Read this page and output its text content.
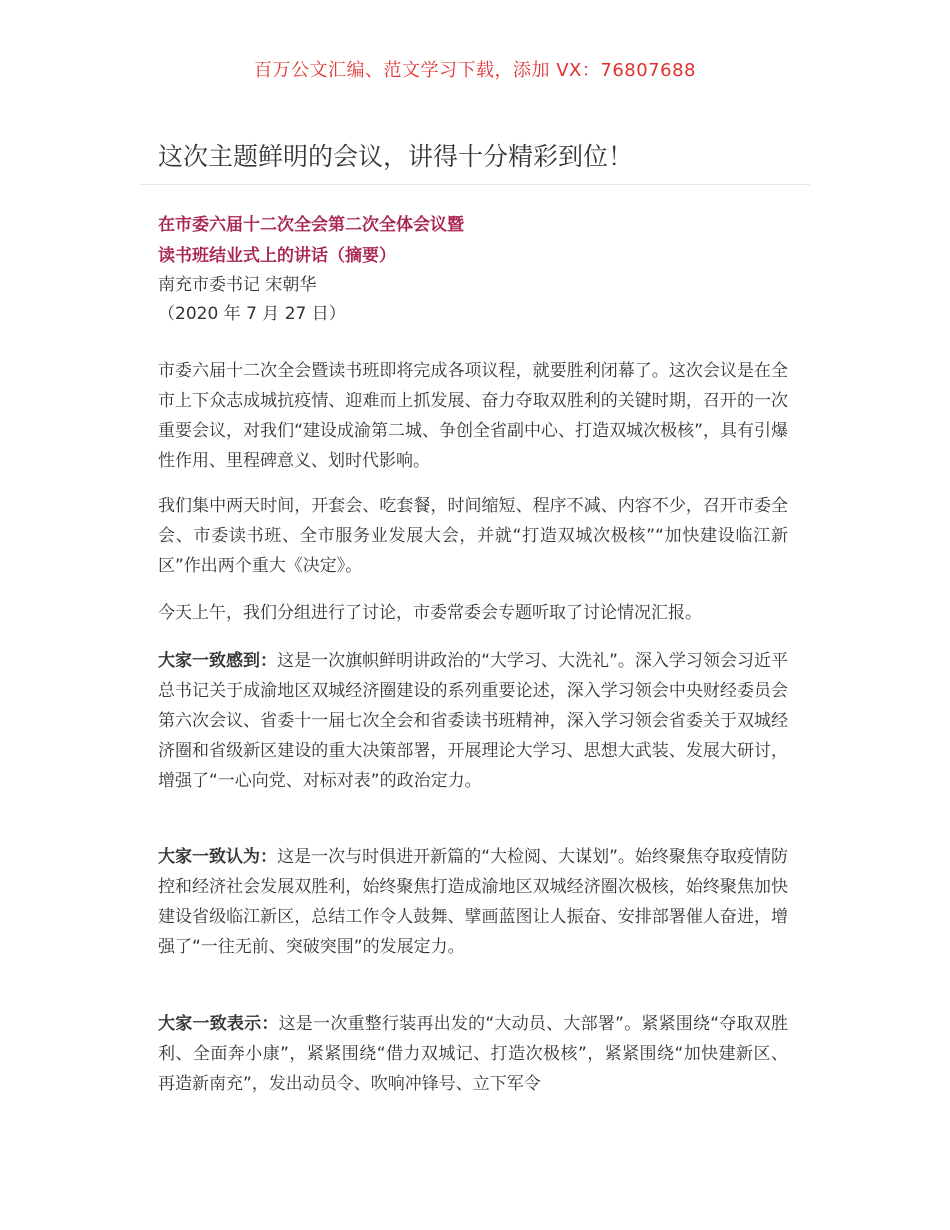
百万公文汇编、范文学习下载，添加 VX：76807688
这次主题鲜明的会议，讲得十分精彩到位！
在市委六届十二次全会第二次全体会议暨
读书班结业式上的讲话（摘要）
南充市委书记 宋朝华
（2020 年 7 月 27 日）

市委六届十二次全会暨读书班即将完成各项议程，就要胜利闭幕了。这次会议是在全市上下众志成城抗疫情、迎难而上抓发展、奋力夺取双胜利的关键时期，召开的一次重要会议，对我们“建设成渝第二城、争创全省副中心、打造双城次极核”，具有引爆性作用、里程碑意义、划时代影响。

我们集中两天时间，开套会、吃套餐，时间缩短、程序不减、内容不少，召开市委全会、市委读书班、全市服务业发展大会，并就“打造双城次极核”“加快建设临江新区”作出两个重大《决定》。

今天上午，我们分组进行了讨论，市委常委会专题听取了讨论情况汇报。

大家一致感到：这是一次旗帜鲜明讲政治的“大学习、大洗礼”。深入学习领会习近平总书记关于成渝地区双城经济圈建设的系列重要论述，深入学习领会中央财经委员会第六次会议、省委十一届七次全会和省委读书班精神，深入学习领会省委关于双城经济圈和省级新区建设的重大决策部署，开展理论大学习、思想大武装、发展大研讨，增强了“一心向党、对标对表”的政治定力。

大家一致认为：这是一次与时俱进开新篇的“大检阅、大谋划”。始终聚焦夺取疫情防控和经济社会发展双胜利，始终聚焦打造成渝地区双城经济圈次极核，始终聚焦加快建设省级临江新区，总结工作令人鼓舞、擘画蓝图让人振奋、安排部署催人奋进，增强了“一往无前、突破突围”的发展定力。

大家一致表示：这是一次重整行装再出发的“大动员、大部署”。紧紧围绕“夺取双胜利、全面奔小康”，紧紧围绕“借力双城记、打造次极核”，紧紧围绕“加快建新区、再造新南充”，发出动员令、吹响冲锋号、立下军令
